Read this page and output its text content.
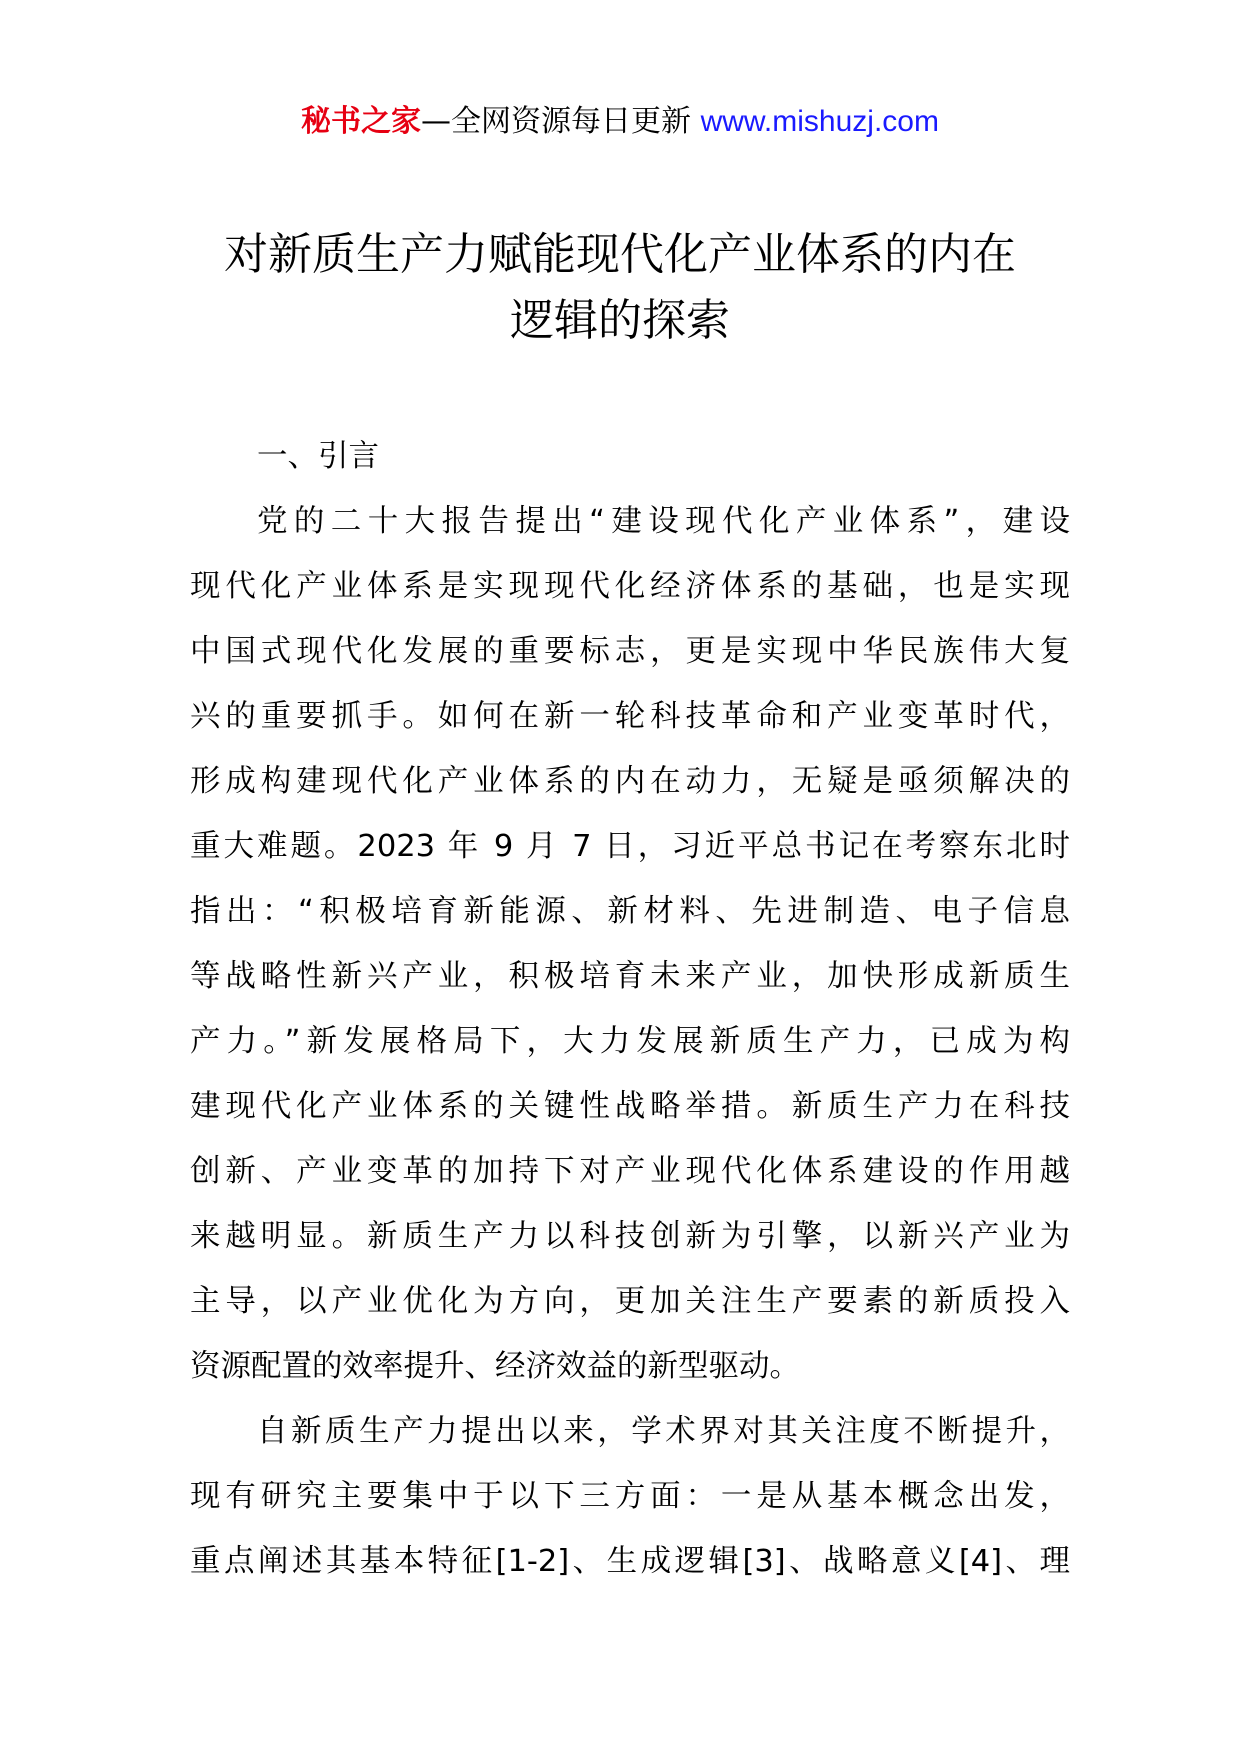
秘书之家—全网资源每日更新 www.mishuzj.com
对新质生产力赋能现代化产业体系的内在
逻辑的探索
一、引言
党的二十大报告提出“建设现代化产业体系”，建设
现代化产业体系是实现现代化经济体系的基础，也是实现
中国式现代化发展的重要标志，更是实现中华民族伟大复
兴的重要抓手。如何在新一轮科技革命和产业变革时代，
形成构建现代化产业体系的内在动力，无疑是亟须解决的
重大难题。2023 年 9 月 7 日，习近平总书记在考察东北时
指出：“积极培育新能源、新材料、先进制造、电子信息
等战略性新兴产业，积极培育未来产业，加快形成新质生
产力。”新发展格局下，大力发展新质生产力，已成为构
建现代化产业体系的关键性战略举措。新质生产力在科技
创新、产业变革的加持下对产业现代化体系建设的作用越
来越明显。新质生产力以科技创新为引擎，以新兴产业为
主导，以产业优化为方向，更加关注生产要素的新质投入
资源配置的效率提升、经济效益的新型驱动。
自新质生产力提出以来，学术界对其关注度不断提升，
现有研究主要集中于以下三方面：一是从基本概念出发，
重点阐述其基本特征[1-2]、生成逻辑[3]、战略意义[4]、理
